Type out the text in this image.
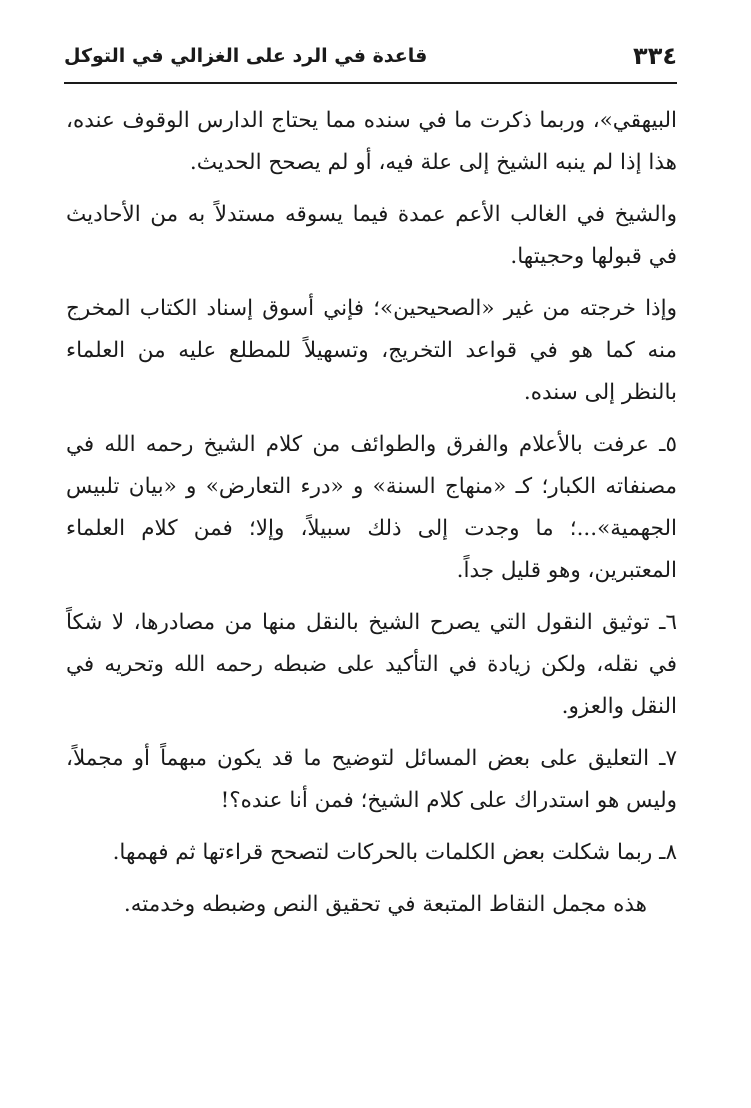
٣٣٤
قاعدة في الرد على الغزالي في التوكل

البيهقي»، وربما ذكرت ما في سنده مما يحتاج الدارس الوقوف عنده، هذا إذا لم ينبه الشيخ إلى علة فيه، أو لم يصحح الحديث.

والشيخ في الغالب الأعم عمدة فيما يسوقه مستدلاً به من الأحاديث في قبولها وحجيتها.

وإذا خرجته من غير «الصحيحين»؛ فإني أسوق إسناد الكتاب المخرج منه كما هو في قواعد التخريج، وتسهيلاً للمطلع عليه من العلماء بالنظر إلى سنده.

٥ـ عرفت بالأعلام والفرق والطوائف من كلام الشيخ رحمه الله في مصنفاته الكبار؛ كـ «منهاج السنة» و «درء التعارض» و «بيان تلبيس الجهمية»...؛ ما وجدت إلى ذلك سبيلاً، وإلا؛ فمن كلام العلماء المعتبرين، وهو قليل جداً.

٦ـ توثيق النقول التي يصرح الشيخ بالنقل منها من مصادرها، لا شكاً في نقله، ولكن زيادة في التأكيد على ضبطه رحمه الله وتحريه في النقل والعزو.

٧ـ التعليق على بعض المسائل لتوضيح ما قد يكون مبهماً أو مجملاً، وليس هو استدراك على كلام الشيخ؛ فمن أنا عنده؟!

٨ـ ربما شكلت بعض الكلمات بالحركات لتصحح قراءتها ثم فهمها.

هذه مجمل النقاط المتبعة في تحقيق النص وضبطه وخدمته.
